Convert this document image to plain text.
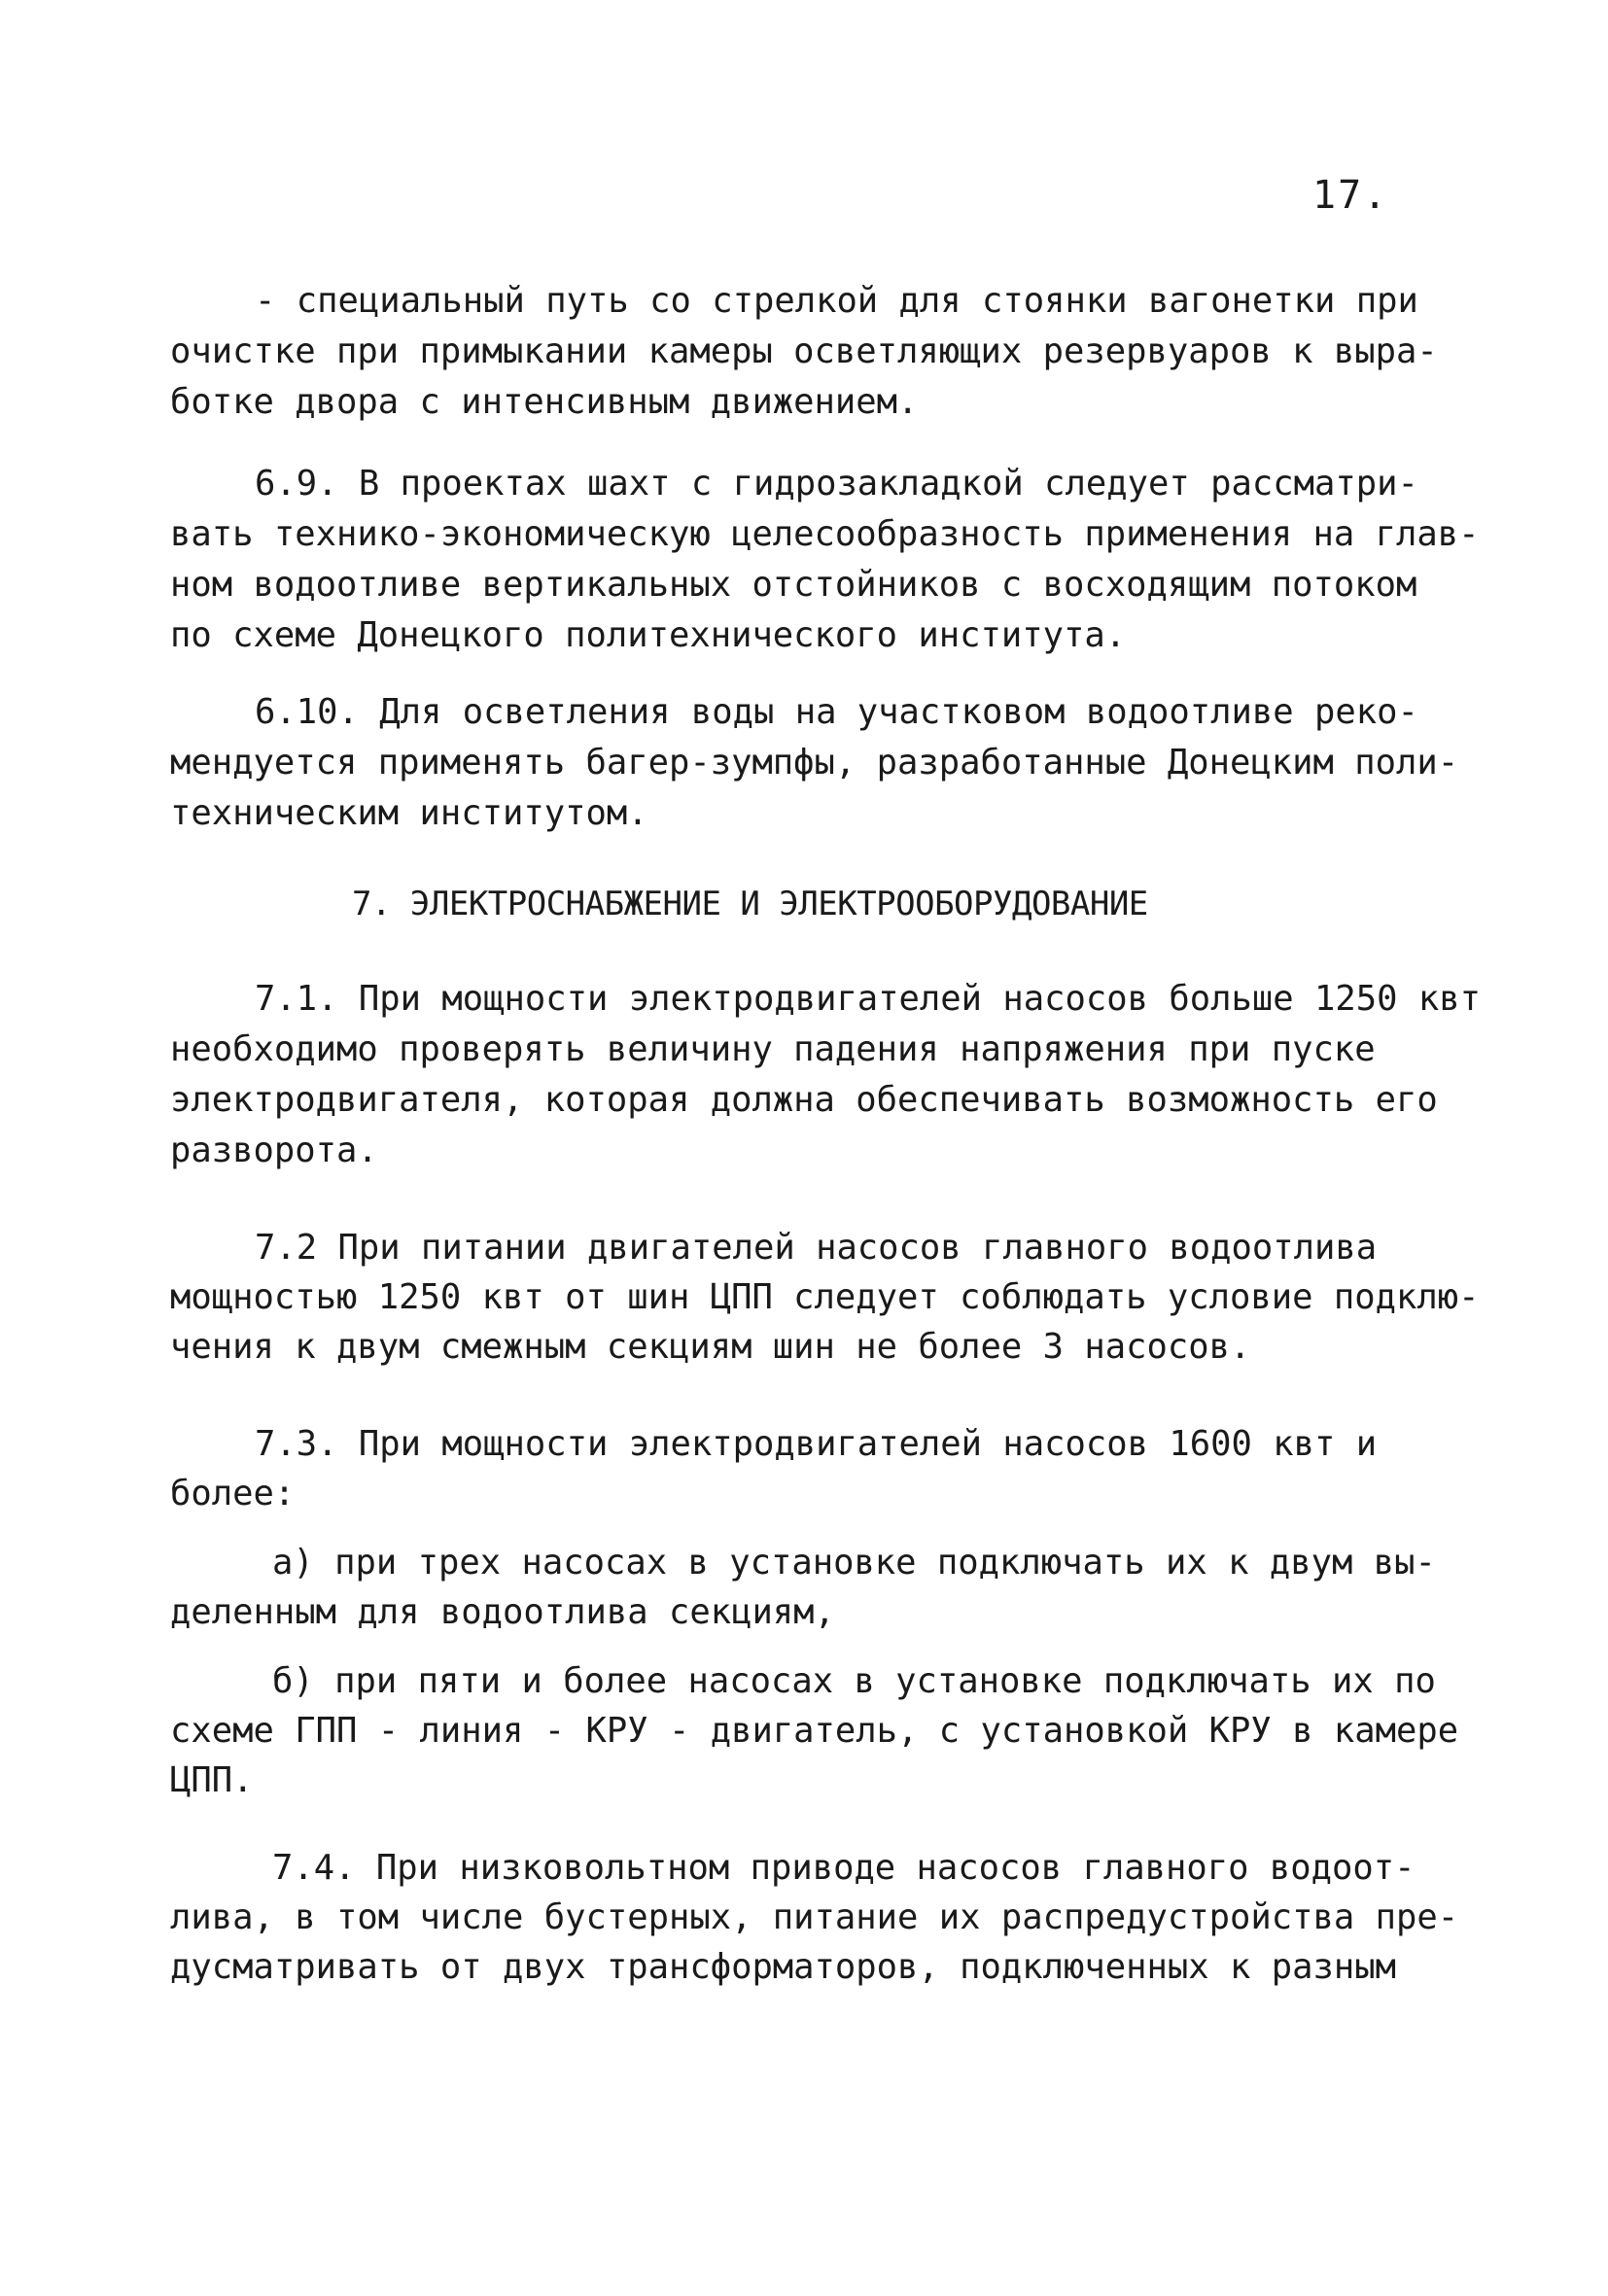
17.
- специальный путь со стрелкой для стоянки вагонетки при
очистке при примыкании камеры осветляющих резервуаров к выра-
ботке двора с интенсивным движением.
6.9. В проектах шахт с гидрозакладкой следует рассматри-
вать технико-экономическую целесообразность применения на глав-
ном водоотливе вертикальных отстойников с восходящим потоком
по схеме Донецкого политехнического института.
6.10. Для осветления воды на участковом водоотливе реко-
мендуется применять багер-зумпфы, разработанные Донецким поли-
техническим институтом.
7. ЭЛЕКТРОСНАБЖЕНИЕ И ЭЛЕКТРООБОРУДОВАНИЕ
7.1. При мощности электродвигателей насосов больше 1250 квт
необходимо проверять величину падения напряжения при пуске
электродвигателя, которая должна обеспечивать возможность его
разворота.
7.2 При питании двигателей насосов главного водоотлива
мощностью 1250 квт от шин ЦПП следует соблюдать условие подклю-
чения к двум смежным секциям шин не более 3 насосов.
7.3. При мощности электродвигателей насосов 1600 квт и
более:
а) при трех насосах в установке подключать их к двум вы-
деленным для водоотлива секциям,
б) при пяти и более насосах в установке подключать их по
схеме ГПП - линия - КРУ - двигатель, с установкой КРУ в камере
ЦПП.
7.4. При низковольтном приводе насосов главного водоот-
лива, в том числе бустерных, питание их распредустройства пре-
дусматривать от двух трансформаторов, подключенных к разным
